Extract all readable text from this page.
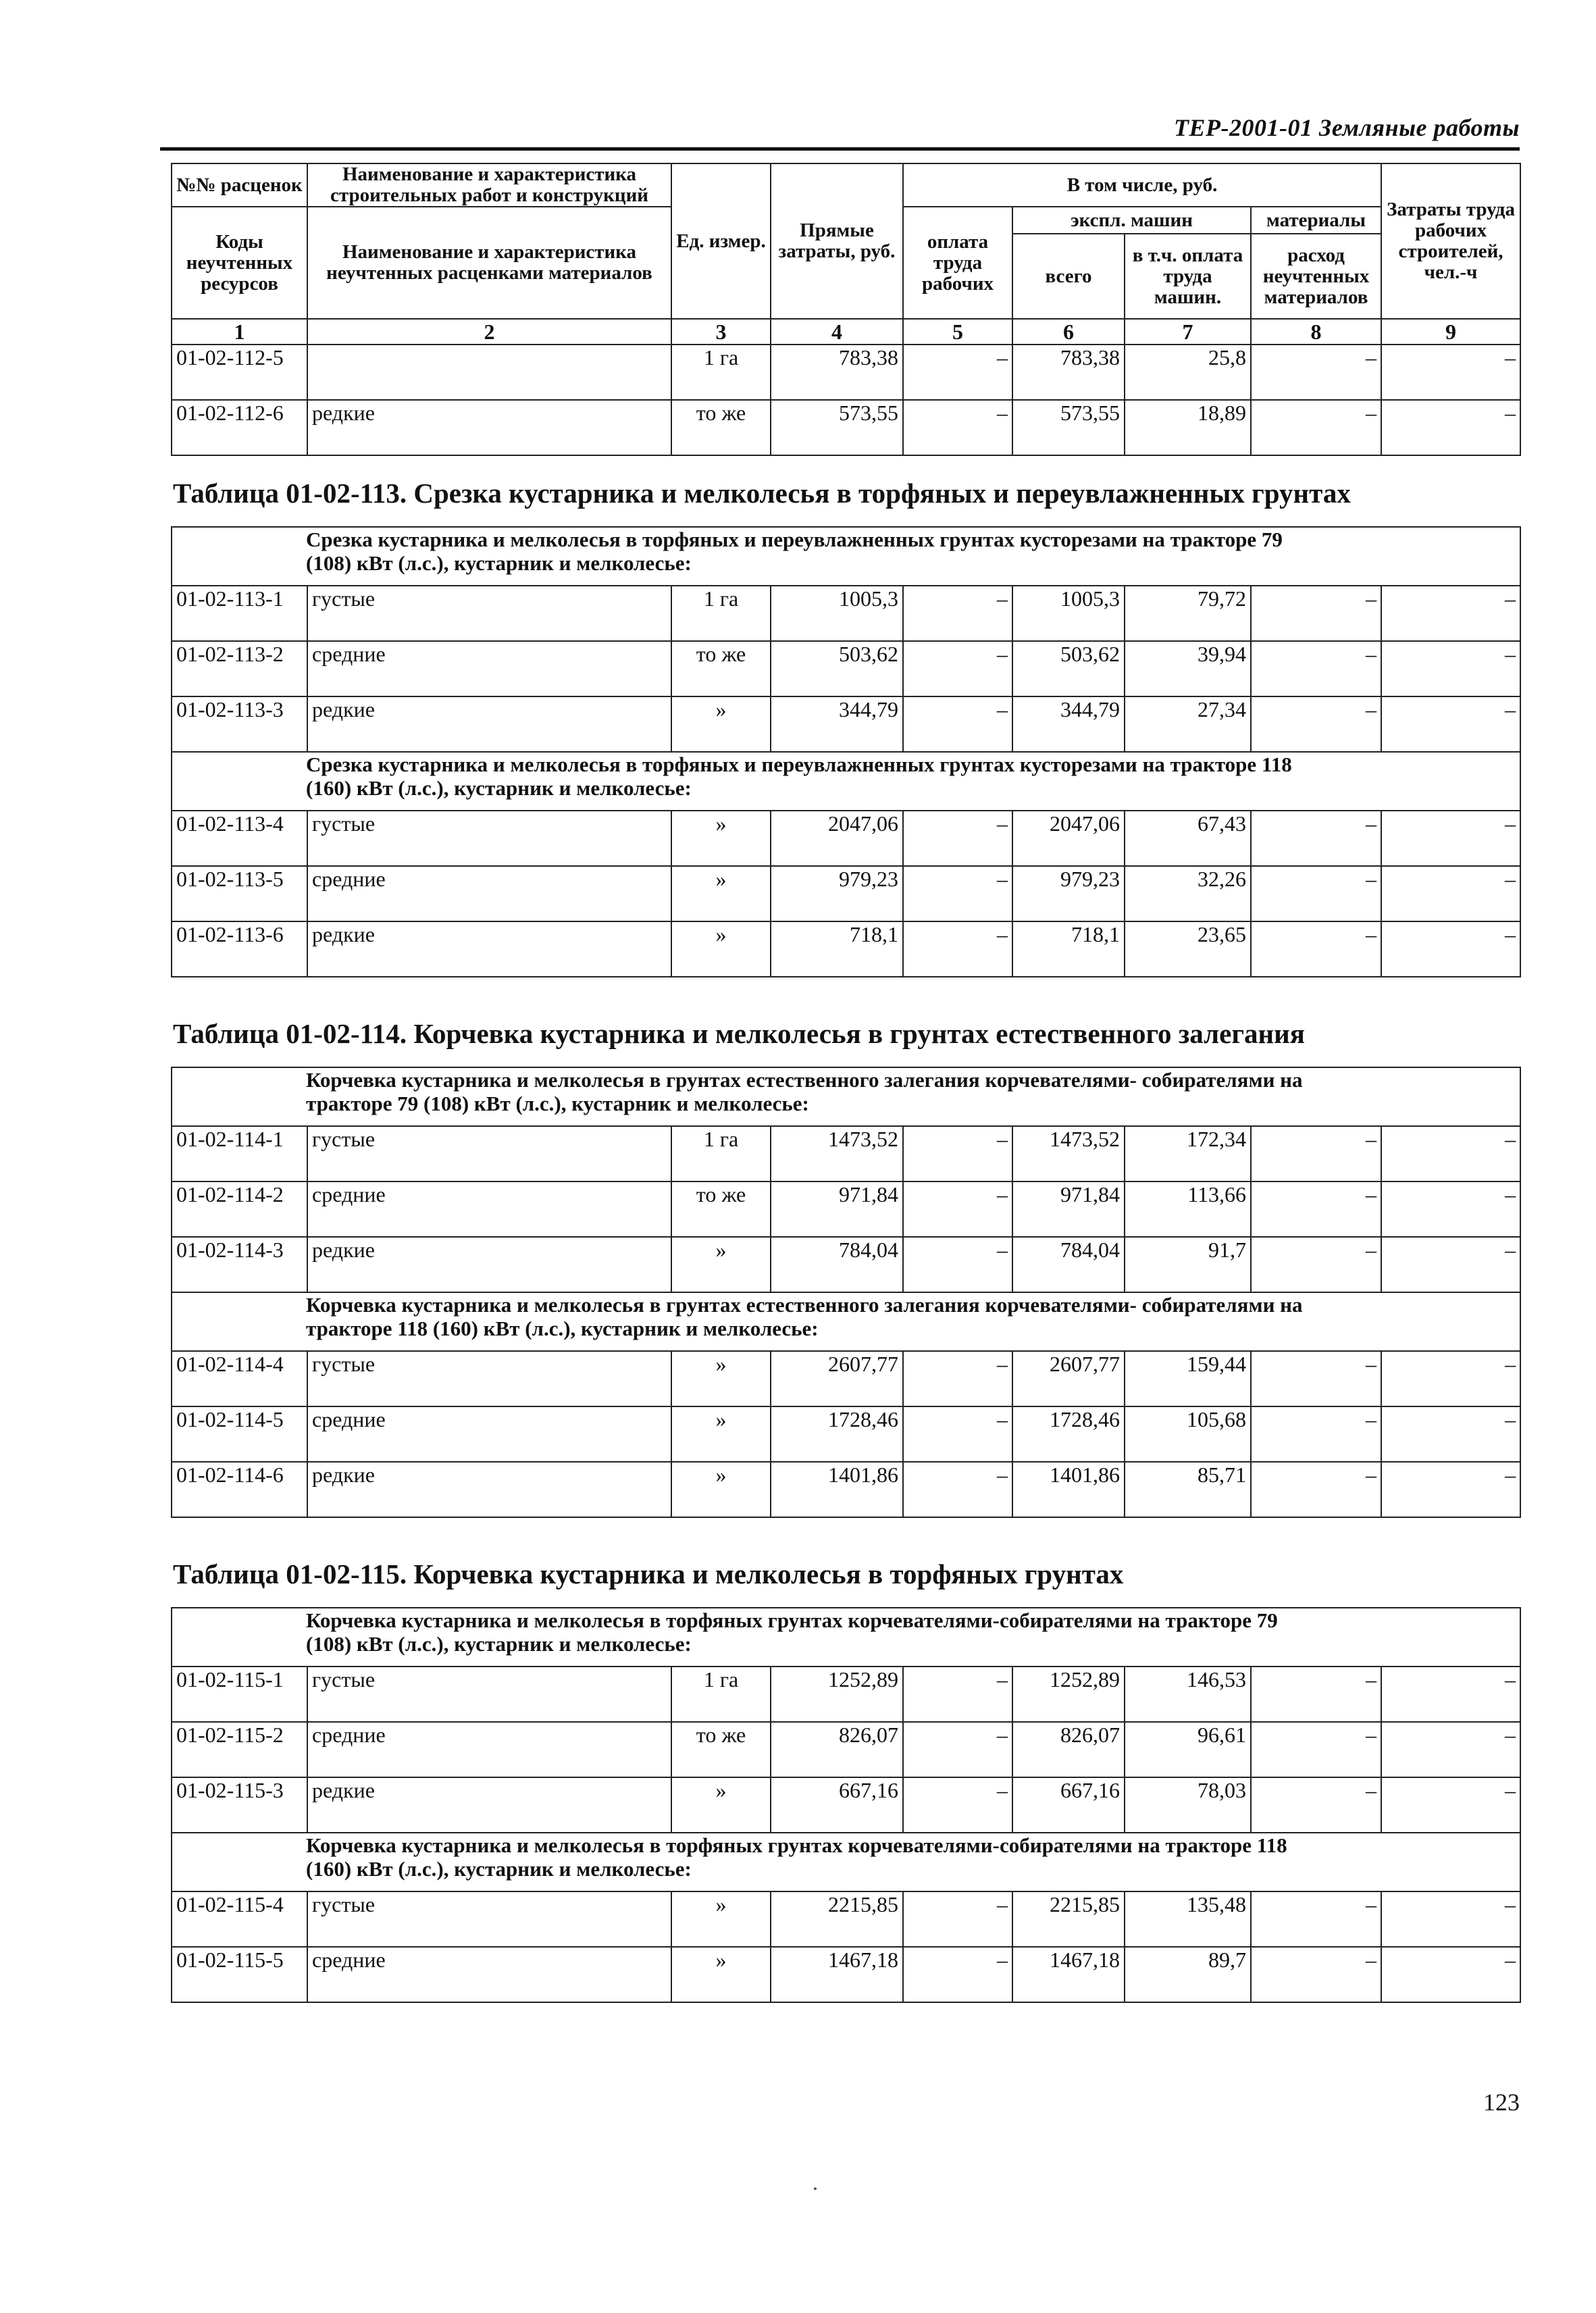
ТЕР-2001-01 Земляные работы
№№ расценок	Наименование и характеристика строительных работ и конструкций	Ед. измер.	Прямые затраты, руб.	В том числе, руб.				Затраты труда рабочих строителей, чел.-ч
Коды неучтенных ресурсов	Наименование и характеристика неучтенных расценками материалов			оплата труда рабочих	экспл. машин		материалы	
					всего	в т.ч. оплата труда машин.	расход неучтенных материалов	
1	2	3	4	5	6	7	8	9
01-02-112-5		1 га	783,38	–	783,38	25,8	–	–
01-02-112-6	редкие	то же	573,55	–	573,55	18,89	–	–
Таблица 01-02-113. Срезка кустарника и мелколесья в торфяных и переувлажненных грунтах
Срезка кустарника и мелколесья в торфяных и переувлажненных грунтах кусторезами на тракторе 79
(108) кВт (л.с.), кустарник и мелколесье:								

01-02-113-1	густые	1 га	1005,3	–	1005,3	79,72	–	–
01-02-113-2	средние	то же	503,62	–	503,62	39,94	–	–
01-02-113-3	редкие	»	344,79	–	344,79	27,34	–	–

Срезка кустарника и мелколесья в торфяных и переувлажненных грунтах кусторезами на тракторе 118
(160) кВт (л.с.), кустарник и мелколесье:								

01-02-113-4	густые	»	2047,06	–	2047,06	67,43	–	–
01-02-113-5	средние	»	979,23	–	979,23	32,26	–	–
01-02-113-6	редкие	»	718,1	–	718,1	23,65	–	–
Таблица 01-02-114. Корчевка кустарника и мелколесья в грунтах естественного залегания
Корчевка кустарника и мелколесья в грунтах естественного залегания корчевателями- собирателями на
тракторе 79 (108) кВт (л.с.), кустарник и мелколесье:								

01-02-114-1	густые	1 га	1473,52	–	1473,52	172,34	–	–
01-02-114-2	средние	то же	971,84	–	971,84	113,66	–	–
01-02-114-3	редкие	»	784,04	–	784,04	91,7	–	–

Корчевка кустарника и мелколесья в грунтах естественного залегания корчевателями- собирателями на
тракторе 118 (160) кВт (л.с.), кустарник и мелколесье:								

01-02-114-4	густые	»	2607,77	–	2607,77	159,44	–	–
01-02-114-5	средние	»	1728,46	–	1728,46	105,68	–	–
01-02-114-6	редкие	»	1401,86	–	1401,86	85,71	–	–
Таблица 01-02-115. Корчевка кустарника и мелколесья в торфяных грунтах
Корчевка кустарника и мелколесья в торфяных грунтах корчевателями-собирателями на тракторе 79
(108) кВт (л.с.), кустарник и мелколесье:								

01-02-115-1	густые	1 га	1252,89	–	1252,89	146,53	–	–
01-02-115-2	средние	то же	826,07	–	826,07	96,61	–	–
01-02-115-3	редкие	»	667,16	–	667,16	78,03	–	–

Корчевка кустарника и мелколесья в торфяных грунтах корчевателями-собирателями на тракторе 118
(160) кВт (л.с.), кустарник и мелколесье:								

01-02-115-4	густые	»	2215,85	–	2215,85	135,48	–	–
01-02-115-5	средние	»	1467,18	–	1467,18	89,7	–	–
123
